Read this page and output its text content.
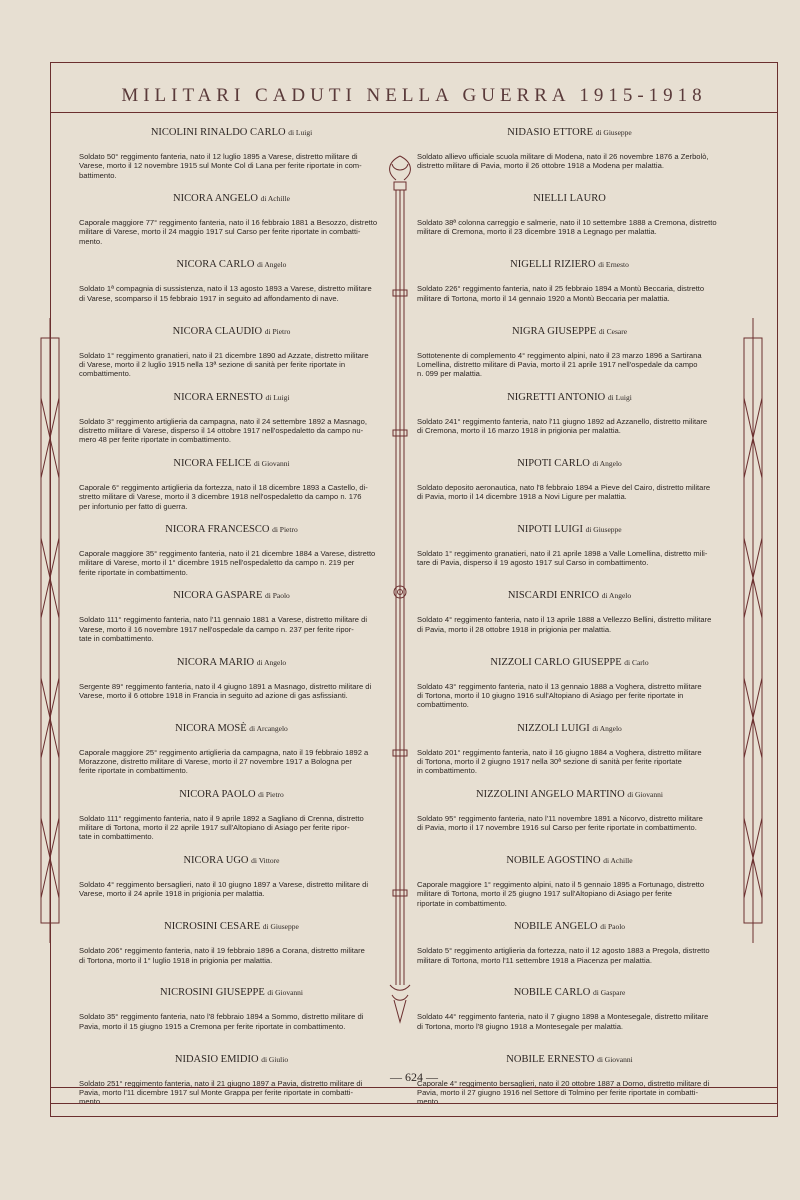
MILITARI CADUTI NELLA GUERRA 1915-1918
NICOLINI RINALDO CARLO di Luigi
Soldato 50° reggimento fanteria, nato il 12 luglio 1895 a Varese, distretto militare di
Varese, morto il 12 novembre 1915 sul Monte Col di Lana per ferite riportate in com-
battimento.
NICORA ANGELO di Achille
Caporale maggiore 77° reggimento fanteria, nato il 16 febbraio 1881 a Besozzo, distretto
militare di Varese, morto il 24 maggio 1917 sul Carso per ferite riportate in combatti-
mento.
NICORA CARLO di Angelo
Soldato 1ª compagnia di sussistenza, nato il 13 agosto 1893 a Varese, distretto militare
di Varese, scomparso il 15 febbraio 1917 in seguito ad affondamento di nave.
NICORA CLAUDIO di Pietro
Soldato 1° reggimento granatieri, nato il 21 dicembre 1890 ad Azzate, distretto militare
di Varese, morto il 2 luglio 1915 nella 13ª sezione di sanità per ferite riportate in
combattimento.
NICORA ERNESTO di Luigi
Soldato 3° reggimento artiglieria da campagna, nato il 24 settembre 1892 a Masnago,
distretto militare di Varese, disperso il 14 ottobre 1917 nell'ospedaletto da campo nu-
mero 48 per ferite riportate in combattimento.
NICORA FELICE di Giovanni
Caporale 6° reggimento artiglieria da fortezza, nato il 18 dicembre 1893 a Castello, di-
stretto militare di Varese, morto il 3 dicembre 1918 nell'ospedaletto da campo n. 176
per infortunio per fatto di guerra.
NICORA FRANCESCO di Pietro
Caporale maggiore 35° reggimento fanteria, nato il 21 dicembre 1884 a Varese, distretto
militare di Varese, morto il 1° dicembre 1915 nell'ospedaletto da campo n. 219 per
ferite riportate in combattimento.
NICORA GASPARE di Paolo
Soldato 111° reggimento fanteria, nato l'11 gennaio 1881 a Varese, distretto militare di
Varese, morto il 16 novembre 1917 nell'ospedale da campo n. 237 per ferite ripor-
tate in combattimento.
NICORA MARIO di Angelo
Sergente 89° reggimento fanteria, nato il 4 giugno 1891 a Masnago, distretto militare di
Varese, morto il 6 ottobre 1918 in Francia in seguito ad azione di gas asfissianti.
NICORA MOSÈ di Arcangelo
Caporale maggiore 25° reggimento artiglieria da campagna, nato il 19 febbraio 1892 a
Morazzone, distretto militare di Varese, morto il 27 novembre 1917 a Bologna per
ferite riportate in combattimento.
NICORA PAOLO di Pietro
Soldato 111° reggimento fanteria, nato il 9 aprile 1892 a Sagliano di Crenna, distretto
militare di Tortona, morto il 22 aprile 1917 sull'Altopiano di Asiago per ferite ripor-
tate in combattimento.
NICORA UGO di Vittore
Soldato 4° reggimento bersaglieri, nato il 10 giugno 1897 a Varese, distretto militare di
Varese, morto il 24 aprile 1918 in prigionia per malattia.
NICROSINI CESARE di Giuseppe
Soldato 206° reggimento fanteria, nato il 19 febbraio 1896 a Corana, distretto militare
di Tortona, morto il 1° luglio 1918 in prigionia per malattia.
NICROSINI GIUSEPPE di Giovanni
Soldato 35° reggimento fanteria, nato l'8 febbraio 1894 a Sommo, distretto militare di
Pavia, morto il 15 giugno 1915 a Cremona per ferite riportate in combattimento.
NIDASIO EMIDIO di Giulio
Soldato 251° reggimento fanteria, nato il 21 giugno 1897 a Pavia, distretto militare di
Pavia, morto l'11 dicembre 1917 sul Monte Grappa per ferite riportate in combatti-
mento.
NIDASIO ETTORE di Giuseppe
Soldato allievo ufficiale scuola militare di Modena, nato il 26 novembre 1876 a Zerbolò,
distretto militare di Pavia, morto il 26 ottobre 1918 a Modena per malattia.
NIELLI LAURO
Soldato 38ª colonna carreggio e salmerie, nato il 10 settembre 1888 a Cremona, distretto
militare di Cremona, morto il 23 dicembre 1918 a Legnago per malattia.
NIGELLI RIZIERO di Ernesto
Soldato 226° reggimento fanteria, nato il 25 febbraio 1894 a Montù Beccaria, distretto
militare di Tortona, morto il 14 gennaio 1920 a Montù Beccaria per malattia.
NIGRA GIUSEPPE di Cesare
Sottotenente di complemento 4° reggimento alpini, nato il 23 marzo 1896 a Sartirana
Lomellina, distretto militare di Pavia, morto il 21 aprile 1917 nell'ospedale da campo
n. 099 per malattia.
NIGRETTI ANTONIO di Luigi
Soldato 241° reggimento fanteria, nato l'11 giugno 1892 ad Azzanello, distretto militare
di Cremona, morto il 16 marzo 1918 in prigionia per malattia.
NIPOTI CARLO di Angelo
Soldato deposito aeronautica, nato l'8 febbraio 1894 a Pieve del Cairo, distretto militare
di Pavia, morto il 14 dicembre 1918 a Novi Ligure per malattia.
NIPOTI LUIGI di Giuseppe
Soldato 1° reggimento granatieri, nato il 21 aprile 1898 a Valle Lomellina, distretto mili-
tare di Pavia, disperso il 19 agosto 1917 sul Carso in combattimento.
NISCARDI ENRICO di Angelo
Soldato 4° reggimento fanteria, nato il 13 aprile 1888 a Vellezzo Bellini, distretto militare
di Pavia, morto il 28 ottobre 1918 in prigionia per malattia.
NIZZOLI CARLO GIUSEPPE di Carlo
Soldato 43° reggimento fanteria, nato il 13 gennaio 1888 a Voghera, distretto militare
di Tortona, morto il 10 giugno 1916 sull'Altopiano di Asiago per ferite riportate in
combattimento.
NIZZOLI LUIGI di Angelo
Soldato 201° reggimento fanteria, nato il 16 giugno 1884 a Voghera, distretto militare
di Tortona, morto il 2 giugno 1917 nella 30ª sezione di sanità per ferite riportate
in combattimento.
NIZZOLINI ANGELO MARTINO di Giovanni
Soldato 95° reggimento fanteria, nato l'11 novembre 1891 a Nicorvo, distretto militare
di Pavia, morto il 17 novembre 1916 sul Carso per ferite riportate in combattimento.
NOBILE AGOSTINO di Achille
Caporale maggiore 1° reggimento alpini, nato il 5 gennaio 1895 a Fortunago, distretto
militare di Tortona, morto il 25 giugno 1917 sull'Altopiano di Asiago per ferite
riportate in combattimento.
NOBILE ANGELO di Paolo
Soldato 5° reggimento artiglieria da fortezza, nato il 12 agosto 1883 a Pregola, distretto
militare di Tortona, morto l'11 settembre 1918 a Piacenza per malattia.
NOBILE CARLO di Gaspare
Soldato 44° reggimento fanteria, nato il 7 giugno 1898 a Montesegale, distretto militare
di Tortona, morto l'8 giugno 1918 a Montesegale per malattia.
NOBILE ERNESTO di Giovanni
Caporale 4° reggimento bersaglieri, nato il 20 ottobre 1887 a Dorno, distretto militare di
Pavia, morto il 27 giugno 1916 nel Settore di Tolmino per ferite riportate in combatti-
mento.
— 624 —
